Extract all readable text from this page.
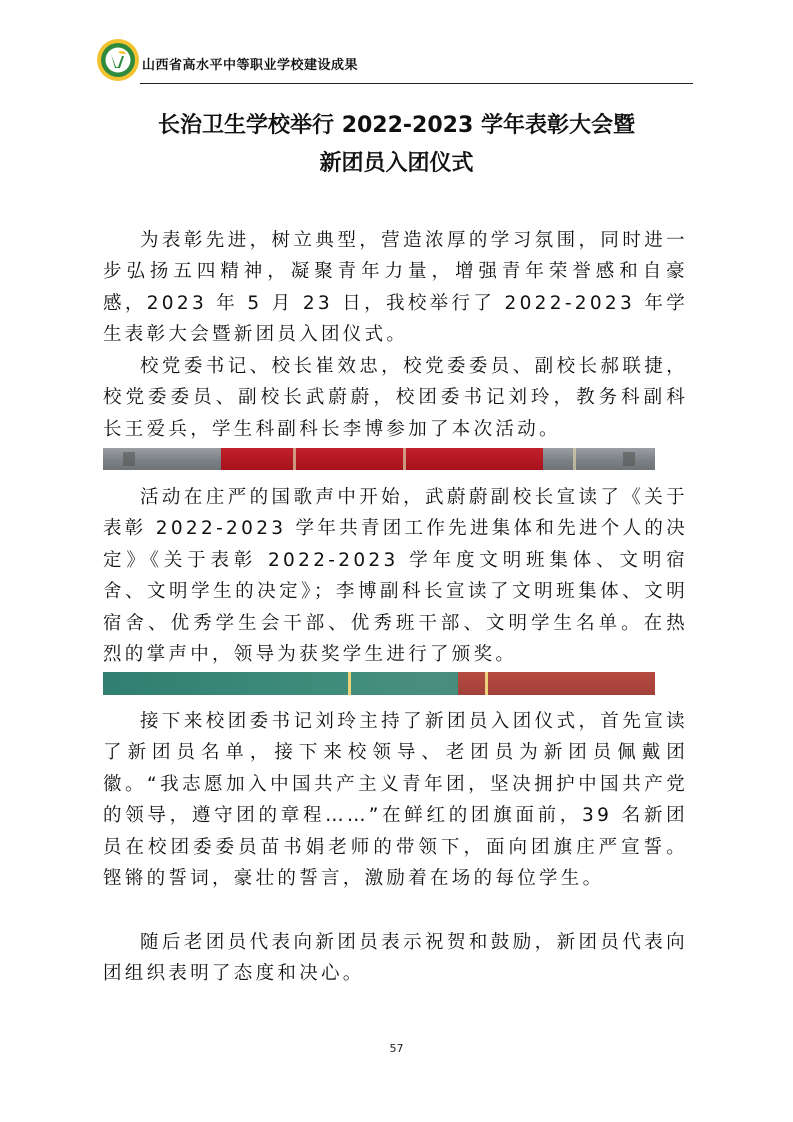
山西省高水平中等职业学校建设成果
长治卫生学校举行 2022-2023 学年表彰大会暨
新团员入团仪式

为表彰先进，树立典型，营造浓厚的学习氛围，同时进一步弘扬五四精神，凝聚青年力量，增强青年荣誉感和自豪感，2023 年 5 月 23 日，我校举行了 2022-2023 年学生表彰大会暨新团员入团仪式。

校党委书记、校长崔效忠，校党委委员、副校长郝联捷，校党委委员、副校长武蔚蔚，校团委书记刘玲，教务科副科长王爱兵，学生科副科长李博参加了本次活动。

活动在庄严的国歌声中开始，武蔚蔚副校长宣读了《关于表彰 2022-2023 学年共青团工作先进集体和先进个人的决定》《关于表彰 2022-2023 学年度文明班集体、文明宿舍、文明学生的决定》；李博副科长宣读了文明班集体、文明宿舍、优秀学生会干部、优秀班干部、文明学生名单。在热烈的掌声中，领导为获奖学生进行了颁奖。

接下来校团委书记刘玲主持了新团员入团仪式，首先宣读了新团员名单，接下来校领导、老团员为新团员佩戴团徽。“我志愿加入中国共产主义青年团，坚决拥护中国共产党的领导，遵守团的章程……”在鲜红的团旗面前，39 名新团员在校团委委员苗书娟老师的带领下，面向团旗庄严宣誓。铿锵的誓词，豪壮的誓言，激励着在场的每位学生。

随后老团员代表向新团员表示祝贺和鼓励，新团员代表向团组织表明了态度和决心。

57
